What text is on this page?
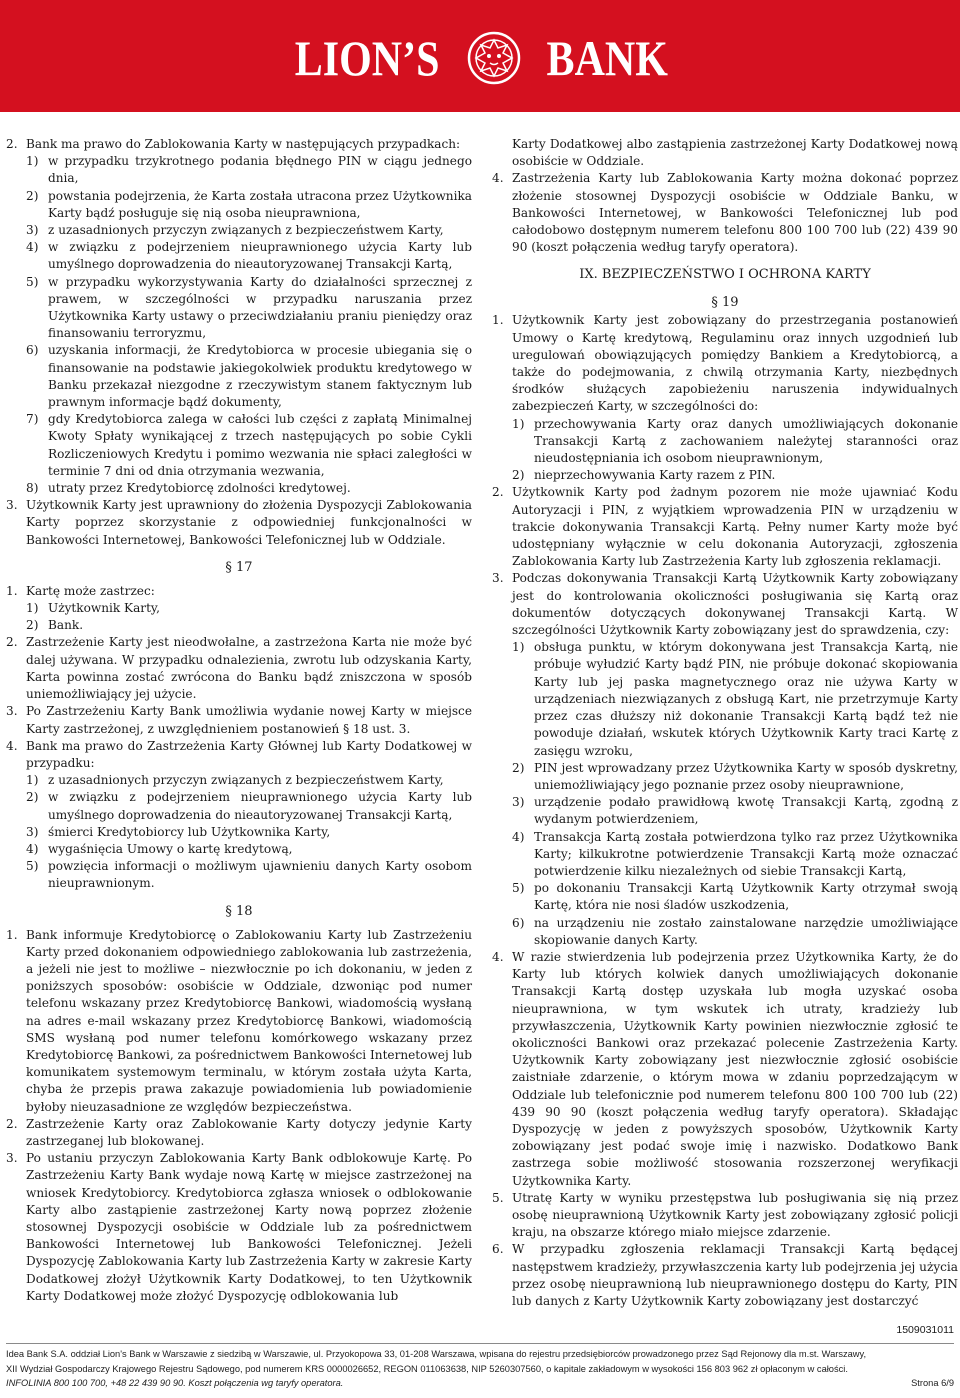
LION’S BANK
2. Bank ma prawo do Zablokowania Karty w następujących przypadkach:
1) w przypadku trzykrotnego podania błędnego PIN w ciągu jednego dnia,
2) powstania podejrzenia, że Karta została utracona przez Użytkownika Karty bądź posługuje się nią osoba nieuprawniona,
3) z uzasadnionych przyczyn związanych z bezpieczeństwem Karty,
4) w związku z podejrzeniem nieuprawnionego użycia Karty lub umyślnego doprowadzenia do nieautoryzowanej Transakcji Kartą,
5) w przypadku wykorzystywania Karty do działalności sprzecznej z prawem, w szczególności w przypadku naruszania przez Użytkownika Karty ustawy o przeciwdziałaniu praniu pieniędzy oraz finansowaniu terroryzmu,
6) uzyskania informacji, że Kredytobiorca w procesie ubiegania się o finansowanie na podstawie jakiegokolwiek produktu kredytowego w Banku przekazał niezgodne z rzeczywistym stanem faktycznym lub prawnym informacje bądź dokumenty,
7) gdy Kredytobiorca zalega w całości lub części z zapłatą Minimalnej Kwoty Spłaty wynikającej z trzech następujących po sobie Cykli Rozliczeniowych Kredytu i pomimo wezwania nie spłaci zaległości w terminie 7 dni od dnia otrzymania wezwania,
8) utraty przez Kredytobiorcę zdolności kredytowej.
3. Użytkownik Karty jest uprawniony do złożenia Dyspozycji Zablokowania Karty poprzez skorzystanie z odpowiedniej funkcjonalności w Bankowości Internetowej, Bankowości Telefonicznej lub w Oddziale.

§ 17

1. Kartę może zastrzec:
1) Użytkownik Karty,
2) Bank.
2. Zastrzeżenie Karty jest nieodwołalne, a zastrzeżona Karta nie może być dalej używana. W przypadku odnalezienia, zwrotu lub odzyskania Karty, Karta powinna zostać zwrócona do Banku bądź zniszczona w sposób uniemożliwiający jej użycie.
3. Po Zastrzeżeniu Karty Bank umożliwia wydanie nowej Karty w miejsce Karty zastrzeżonej, z uwzględnieniem postanowień § 18 ust. 3.
4. Bank ma prawo do Zastrzeżenia Karty Głównej lub Karty Dodatkowej w przypadku:
1) z uzasadnionych przyczyn związanych z bezpieczeństwem Karty,
2) w związku z podejrzeniem nieuprawnionego użycia Karty lub umyślnego doprowadzenia do nieautoryzowanej Transakcji Kartą,
3) śmierci Kredytobiorcy lub Użytkownika Karty,
4) wygaśnięcia Umowy o kartę kredytową,
5) powzięcia informacji o możliwym ujawnieniu danych Karty osobom nieuprawnionym.

§ 18

1. Bank informuje Kredytobiorcę o Zablokowaniu Karty lub Zastrzeżeniu Karty przed dokonaniem odpowiedniego zablokowania lub zastrzeżenia, a jeżeli nie jest to możliwe – niezwłocznie po ich dokonaniu, w jeden z poniższych sposobów: osobiście w Oddziale, dzwoniąc pod numer telefonu wskazany przez Kredytobiorcę Bankowi, wiadomością wysłaną na adres e-mail wskazany przez Kredytobiorcę Bankowi, wiadomością SMS wysłaną pod numer telefonu komórkowego wskazany przez Kredytobiorcę Bankowi, za pośrednictwem Bankowości Internetowej lub komunikatem systemowym terminalu, w którym została użyta Karta, chyba że przepis prawa zakazuje powiadomienia lub powiadomienie byłoby nieuzasadnione ze względów bezpieczeństwa.
2. Zastrzeżenie Karty oraz Zablokowanie Karty dotyczy jedynie Karty zastrzeganej lub blokowanej.
3. Po ustaniu przyczyn Zablokowania Karty Bank odblokowuje Kartę. Po Zastrzeżeniu Karty Bank wydaje nową Kartę w miejsce zastrzeżonej na wniosek Kredytobiorcy. Kredytobiorca zgłasza wniosek o odblokowanie Karty albo zastąpienie zastrzeżonej Karty nową poprzez złożenie stosownej Dyspozycji osobiście w Oddziale lub za pośrednictwem Bankowości Internetowej lub Bankowości Telefonicznej. Jeżeli Dyspozycję Zablokowania Karty lub Zastrzeżenia Karty w zakresie Karty Dodatkowej złożył Użytkownik Karty Dodatkowej, to ten Użytkownik Karty Dodatkowej może złożyć Dyspozycję odblokowania lub
Karty Dodatkowej albo zastąpienia zastrzeżonej Karty Dodatkowej nową osobiście w Oddziale.
4. Zastrzeżenia Karty lub Zablokowania Karty można dokonać poprzez złożenie stosownej Dyspozycji osobiście w Oddziale Banku, w Bankowości Internetowej, w Bankowości Telefonicznej lub pod całodobowo dostępnym numerem telefonu 800 100 700 lub (22) 439 90 90 (koszt połączenia według taryfy operatora).

IX. BEZPIECZEŃSTWO I OCHRONA KARTY

§ 19

1. Użytkownik Karty jest zobowiązany do przestrzegania postanowień Umowy o Kartę kredytową, Regulaminu oraz innych uzgodnień lub uregulowań obowiązujących pomiędzy Bankiem a Kredytobiorcą, a także do podejmowania, z chwilą otrzymania Karty, niezbędnych środków służących zapobieżeniu naruszenia indywidualnych zabezpieczeń Karty, w szczególności do:
1) przechowywania Karty oraz danych umożliwiających dokonanie Transakcji Kartą z zachowaniem należytej staranności oraz nieudostępniania ich osobom nieuprawnionym,
2) nieprzechowywania Karty razem z PIN.
2. Użytkownik Karty pod żadnym pozorem nie może ujawniać Kodu Autoryzacji i PIN, z wyjątkiem wprowadzenia PIN w urządzeniu w trakcie dokonywania Transakcji Kartą. Pełny numer Karty może być udostępniany wyłącznie w celu dokonania Autoryzacji, zgłoszenia Zablokowania Karty lub Zastrzeżenia Karty lub zgłoszenia reklamacji.
3. Podczas dokonywania Transakcji Kartą Użytkownik Karty zobowiązany jest do kontrolowania okoliczności posługiwania się Kartą oraz dokumentów dotyczących dokonywanej Transakcji Kartą. W szczególności Użytkownik Karty zobowiązany jest do sprawdzenia, czy:
1) obsługa punktu, w którym dokonywana jest Transakcja Kartą, nie próbuje wyłudzić Karty bądź PIN, nie próbuje dokonać skopiowania Karty lub jej paska magnetycznego oraz nie używa Karty w urządzeniach niezwiązanych z obsługą Kart, nie przetrzymuje Karty przez czas dłuższy niż dokonanie Transakcji Kartą bądź też nie powoduje działań, wskutek których Użytkownik Karty traci Kartę z zasięgu wzroku,
2) PIN jest wprowadzany przez Użytkownika Karty w sposób dyskretny, uniemożliwiający jego poznanie przez osoby nieuprawnione,
3) urządzenie podało prawidłową kwotę Transakcji Kartą, zgodną z wydanym potwierdzeniem,
4) Transakcja Kartą została potwierdzona tylko raz przez Użytkownika Karty; kilkukrotne potwierdzenie Transakcji Kartą może oznaczać potwierdzenie kilku niezależnych od siebie Transakcji Kartą,
5) po dokonaniu Transakcji Kartą Użytkownik Karty otrzymał swoją Kartę, która nie nosi śladów uszkodzenia,
6) na urządzeniu nie zostało zainstalowane narzędzie umożliwiające skopiowanie danych Karty.
4. W razie stwierdzenia lub podejrzenia przez Użytkownika Karty, że do Karty lub których kolwiek danych umożliwiających dokonanie Transakcji Kartą dostęp uzyskała lub mogła uzyskać osoba nieuprawniona, w tym wskutek ich utraty, kradzieży lub przywłaszczenia, Użytkownik Karty powinien niezwłocznie zgłosić te okoliczności Bankowi oraz przekazać polecenie Zastrzeżenia Karty. Użytkownik Karty zobowiązany jest niezwłocznie zgłosić osobiście zaistniałe zdarzenie, o którym mowa w zdaniu poprzedzającym w Oddziale lub telefonicznie pod numerem telefonu 800 100 700 lub (22) 439 90 90 (koszt połączenia według taryfy operatora). Składając Dyspozycję w jeden z powyższych sposobów, Użytkownik Karty zobowiązany jest podać swoje imię i nazwisko. Dodatkowo Bank zastrzega sobie możliwość stosowania rozszerzonej weryfikacji Użytkownika Karty.
5. Utratę Karty w wyniku przestępstwa lub posługiwania się nią przez osobę nieuprawnioną Użytkownik Karty jest zobowiązany zgłosić policji kraju, na obszarze którego miało miejsce zdarzenie.
6. W przypadku zgłoszenia reklamacji Transakcji Kartą będącej następstwem kradzieży, przywłaszczenia karty lub podejrzenia jej użycia przez osobę nieuprawnioną lub nieuprawnionego dostępu do Karty, PIN lub danych z Karty Użytkownik Karty zobowiązany jest dostarczyć
1509031011
Idea Bank S.A. oddział Lion's Bank w Warszawie z siedzibą w Warszawie, ul. Przyokopowa 33, 01-208 Warszawa, wpisana do rejestru przedsiębiorców prowadzonego przez Sąd Rejonowy dla m.st. Warszawy,
XII Wydział Gospodarczy Krajowego Rejestru Sądowego, pod numerem KRS 0000026652, REGON 011063638, NIP 5260307560, o kapitale zakładowym w wysokości 156 803 962 zł opłaconym w całości.
INFOLINIA 800 100 700, +48 22 439 90 90. Koszt połączenia wg taryfy operatora.	Strona 6/9
